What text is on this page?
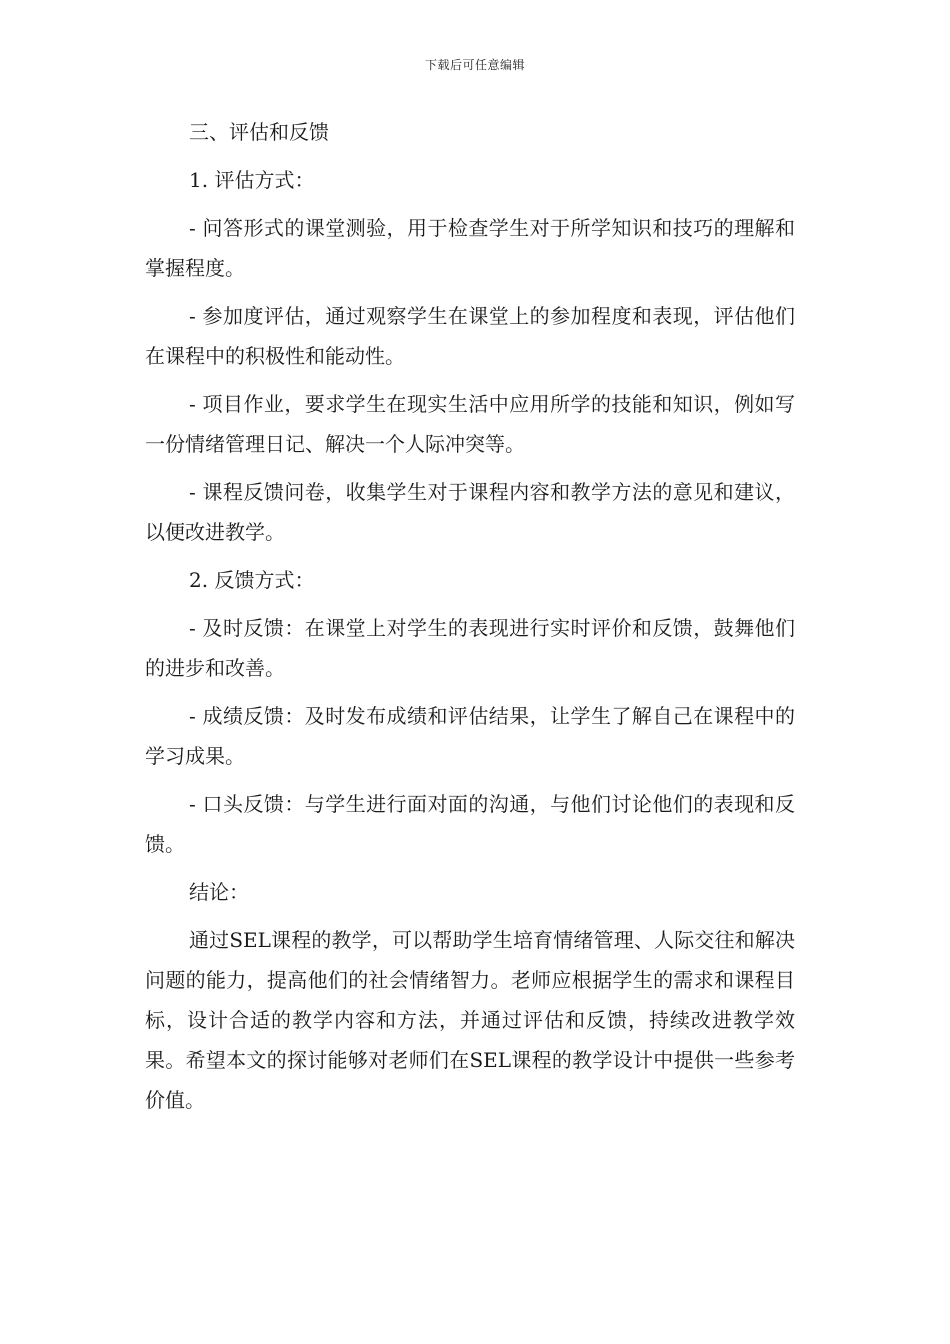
下载后可任意编辑

三、评估和反馈

1. 评估方式：

- 问答形式的课堂测验，用于检查学生对于所学知识和技巧的理解和掌握程度。

- 参加度评估，通过观察学生在课堂上的参加程度和表现，评估他们在课程中的积极性和能动性。

- 项目作业，要求学生在现实生活中应用所学的技能和知识，例如写一份情绪管理日记、解决一个人际冲突等。

- 课程反馈问卷，收集学生对于课程内容和教学方法的意见和建议，以便改进教学。

2. 反馈方式：

- 及时反馈：在课堂上对学生的表现进行实时评价和反馈，鼓舞他们的进步和改善。

- 成绩反馈：及时发布成绩和评估结果，让学生了解自己在课程中的学习成果。

- 口头反馈：与学生进行面对面的沟通，与他们讨论他们的表现和反馈。

结论：

通过SEL课程的教学，可以帮助学生培育情绪管理、人际交往和解决问题的能力，提高他们的社会情绪智力。老师应根据学生的需求和课程目标，设计合适的教学内容和方法，并通过评估和反馈，持续改进教学效果。希望本文的探讨能够对老师们在SEL课程的教学设计中提供一些参考价值。
